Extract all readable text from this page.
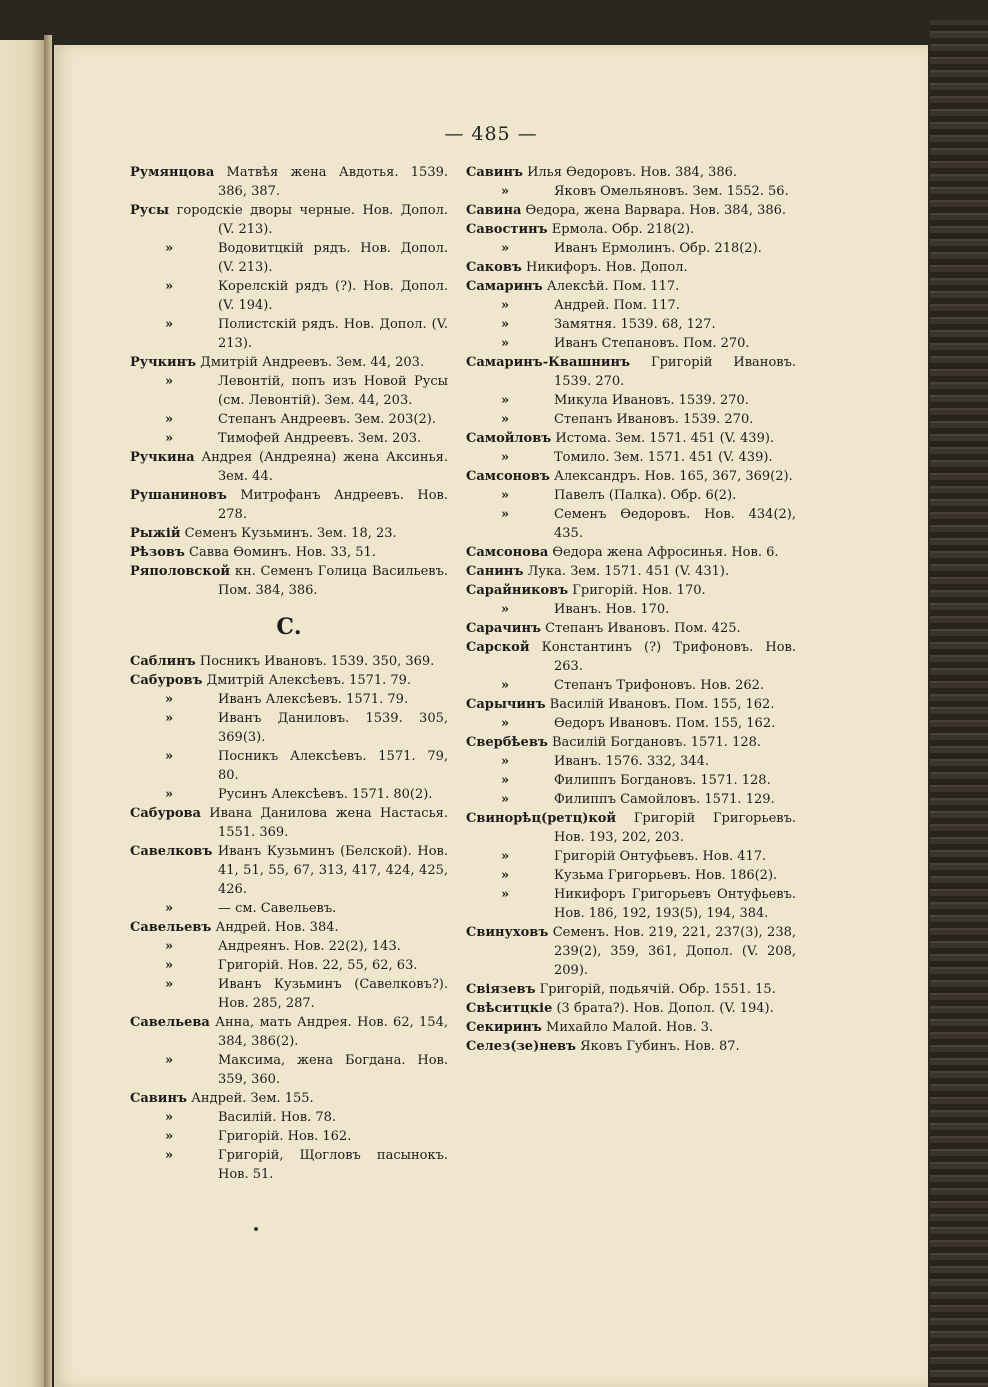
— 485 —
Румянцова Матвѣя жена Авдотья. 1539. 386, 387.
Русы городскіе дворы черные. Нов. Допол. (V. 213).
»	Водовитцкій рядъ. Нов. Допол. (V. 213).
»	Корелскій рядъ (?). Нов. Допол. (V. 194).
»	Полистскій рядъ. Нов. Допол. (V. 213).
Ручкинъ Дмитрій Андреевъ. Зем. 44, 203.
»	Левонтій, попъ изъ Новой Русы (см. Левонтій). Зем. 44, 203.
»	Степанъ Андреевъ. Зем. 203(2).
»	Тимофей Андреевъ. Зем. 203.
Ручкина Андрея (Андреяна) жена Аксинья. Зем. 44.
Рушаниновъ Митрофанъ Андреевъ. Нов. 278.
Рыжій Семенъ Кузьминъ. Зем. 18, 23.
Рѣзовъ Савва Ѳоминъ. Нов. 33, 51.
Ряполовской кн. Семенъ Голица Васильевъ. Пом. 384, 386.
С.
Саблинъ Посникъ Ивановъ. 1539. 350, 369.
Сабуровъ Дмитрій Алексѣевъ. 1571. 79.
»	Иванъ Алексѣевъ. 1571. 79.
»	Иванъ Даниловъ. 1539. 305, 369(3).
»	Посникъ Алексѣевъ. 1571. 79, 80.
»	Русинъ Алексѣевъ. 1571. 80(2).
Сабурова Ивана Данилова жена Настасья. 1551. 369.
Савелковъ Иванъ Кузьминъ (Белской). Нов. 41, 51, 55, 67, 313, 417, 424, 425, 426.
»	— см. Савельевъ.
Савельевъ Андрей. Нов. 384.
»	Андреянъ. Нов. 22(2), 143.
»	Григорій. Нов. 22, 55, 62, 63.
»	Иванъ Кузьминъ (Савелковъ?). Нов. 285, 287.
Савельева Анна, мать Андрея. Нов. 62, 154, 384, 386(2).
»	Максима, жена Богдана. Нов. 359, 360.
Савинъ Андрей. Зем. 155.
»	Василій. Нов. 78.
»	Григорій. Нов. 162.
»	Григорій, Щогловъ пасынокъ. Нов. 51.
Савинъ Илья Ѳедоровъ. Нов. 384, 386.
»	Яковъ Омельяновъ. Зем. 1552. 56.
Савина Ѳедора, жена Варвара. Нов. 384, 386.
Савостинъ Ермола. Обр. 218(2).
»	Иванъ Ермолинъ. Обр. 218(2).
Саковъ Никифоръ. Нов. Допол.
Самаринъ Алексѣй. Пом. 117.
»	Андрей. Пом. 117.
»	Замятня. 1539. 68, 127.
»	Иванъ Степановъ. Пом. 270.
Самаринъ-Квашнинъ Григорій Ивановъ. 1539. 270.
»	Микула Ивановъ. 1539. 270.
»	Степанъ Ивановъ. 1539. 270.
Самойловъ Истома. Зем. 1571. 451 (V. 439).
»	Томило. Зем. 1571. 451 (V. 439).
Самсоновъ Александръ. Нов. 165, 367, 369(2).
»	Павелъ (Палка). Обр. 6(2).
»	Семенъ Ѳедоровъ. Нов. 434(2), 435.
Самсонова Ѳедора жена Афросинья. Нов. 6.
Санинъ Лука. Зем. 1571. 451 (V. 431).
Сарайниковъ Григорій. Нов. 170.
»	Иванъ. Нов. 170.
Сарачинъ Степанъ Ивановъ. Пом. 425.
Сарской Константинъ (?) Трифоновъ. Нов. 263.
»	Степанъ Трифоновъ. Нов. 262.
Сарычинъ Василій Ивановъ. Пом. 155, 162.
»	Ѳедоръ Ивановъ. Пом. 155, 162.
Свербѣевъ Василій Богдановъ. 1571. 128.
»	Иванъ. 1576. 332, 344.
»	Филиппъ Богдановъ. 1571. 128.
»	Филиппъ Самойловъ. 1571. 129.
Свинорѣц(ретц)кой Григорій Григорьевъ. Нов. 193, 202, 203.
»	Григорій Онтуфьевъ. Нов. 417.
»	Кузьма Григорьевъ. Нов. 186(2).
»	Никифоръ Григорьевъ Онтуфьевъ. Нов. 186, 192, 193(5), 194, 384.
Свинуховъ Семенъ. Нов. 219, 221, 237(3), 238, 239(2), 359, 361, Допол. (V. 208, 209).
Свіязевъ Григорій, подьячій. Обр. 1551. 15.
Свѣситцкіе (3 брата?). Нов. Допол. (V. 194).
Секиринъ Михайло Малой. Нов. 3.
Селез(зе)невъ Яковъ Губинъ. Нов. 87.
